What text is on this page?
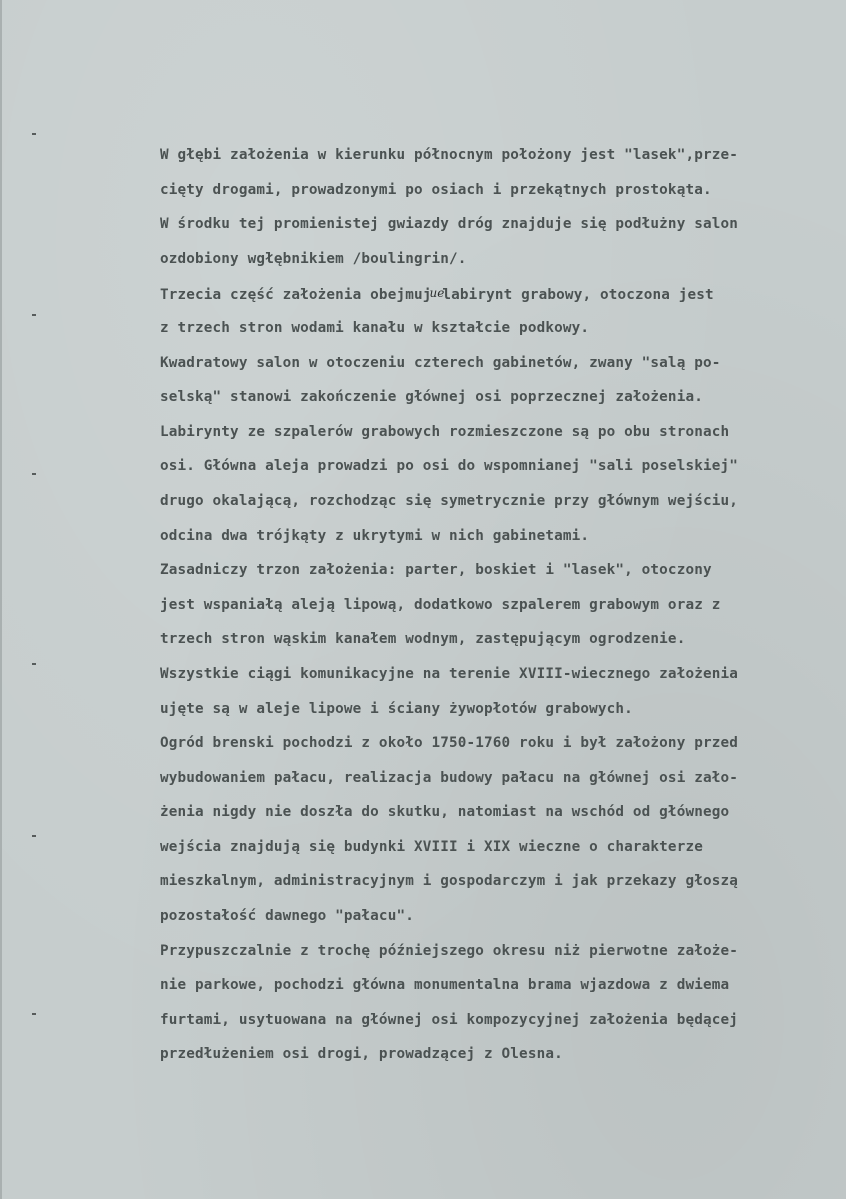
W głębi założenia w kierunku północnym położony jest "lasek",prze-
cięty drogami, prowadzonymi po osiach i przekątnych prostokąta.
W środku tej promienistej gwiazdy dróg znajduje się podłużny salon
ozdobiony wgłębnikiem /boulingrin/.
Trzecia część założenia obejmujuelabirynt grabowy, otoczona jest
z trzech stron wodami kanału w kształcie podkowy.
Kwadratowy salon w otoczeniu czterech gabinetów, zwany "salą po-
selską" stanowi zakończenie głównej osi poprzecznej założenia.
Labirynty ze szpalerów grabowych rozmieszczone są po obu stronach
osi. Główna aleja prowadzi po osi do wspomnianej "sali poselskiej"
drugo okalającą, rozchodząc się symetrycznie przy głównym wejściu,
odcina dwa trójkąty z ukrytymi w nich gabinetami.
Zasadniczy trzon założenia: parter, boskiet i "lasek", otoczony
jest wspaniałą aleją lipową, dodatkowo szpalerem grabowym oraz z
trzech stron wąskim kanałem wodnym, zastępującym ogrodzenie.
Wszystkie ciągi komunikacyjne na terenie XVIII-wiecznego założenia
ujęte są w aleje lipowe i ściany żywopłotów grabowych.
Ogród brenski pochodzi z około 1750-1760 roku i był założony przed
wybudowaniem pałacu, realizacja budowy pałacu na głównej osi zało-
żenia nigdy nie doszła do skutku, natomiast na wschód od głównego
wejścia znajdują się budynki XVIII i XIX wieczne o charakterze
mieszkalnym, administracyjnym i gospodarczym i jak przekazy głoszą
pozostałość dawnego "pałacu".
Przypuszczalnie z trochę późniejszego okresu niż pierwotne założe-
nie parkowe, pochodzi główna monumentalna brama wjazdowa z dwiema
furtami, usytuowana na głównej osi kompozycyjnej założenia będącej
przedłużeniem osi drogi, prowadzącej z Olesna.
